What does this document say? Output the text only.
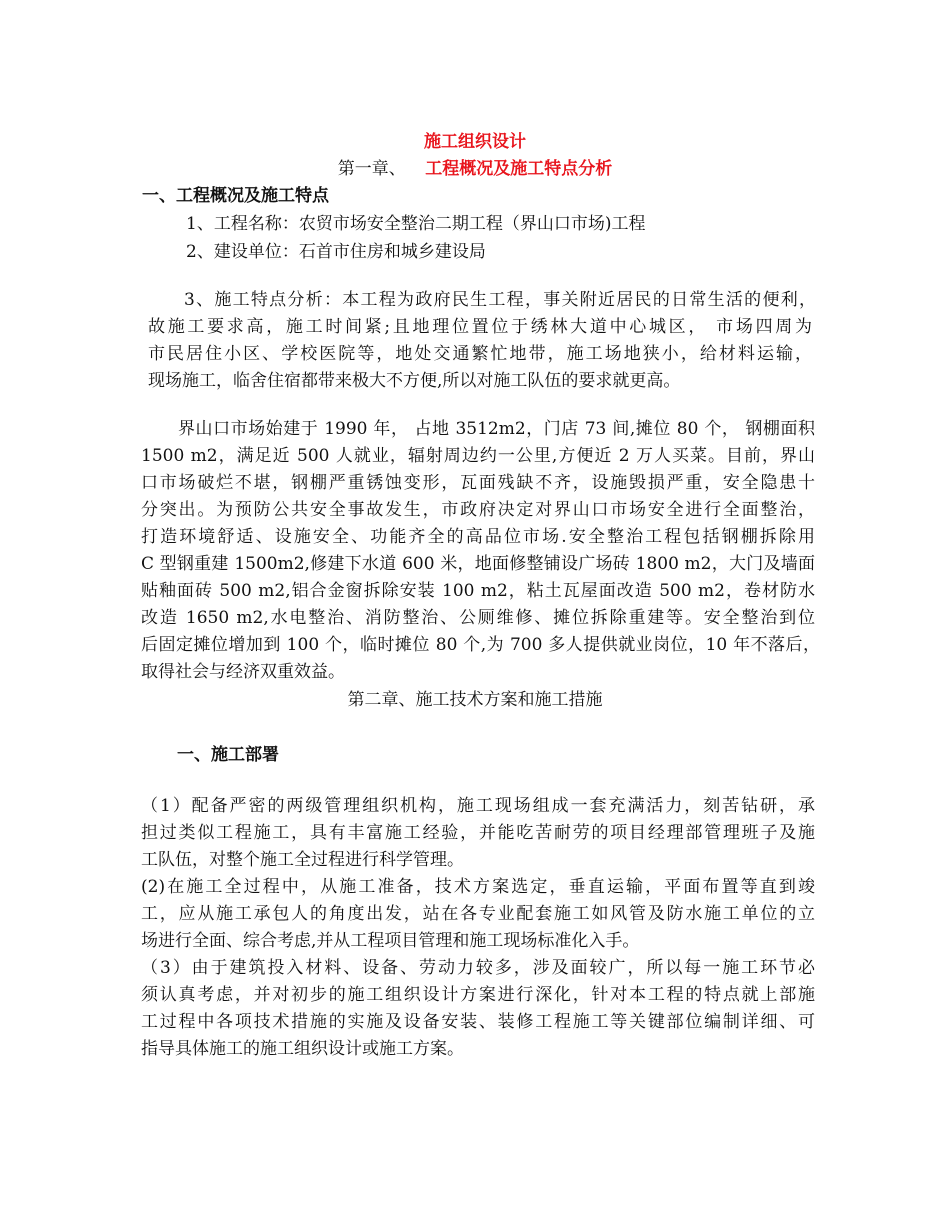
施工组织设计
第一章、 工程概况及施工特点分析
一、工程概况及施工特点
1、工程名称：农贸市场安全整治二期工程（界山口市场)工程
2、建设单位：石首市住房和城乡建设局
3、施工特点分析：本工程为政府民生工程，事关附近居民的日常生活的便利，
故施工要求高，施工时间紧;且地理位置位于绣林大道中心城区， 市场四周为
市民居住小区、学校医院等，地处交通繁忙地带，施工场地狭小，给材料运输，
现场施工，临舍住宿都带来极大不方便,所以对施工队伍的要求就更高。
界山口市场始建于 1990 年， 占地 3512m2，门店 73 间,摊位 80 个， 钢棚面积
1500 m2，满足近 500 人就业，辐射周边约一公里,方便近 2 万人买菜。目前，界山
口市场破烂不堪，钢棚严重锈蚀变形，瓦面残缺不齐，设施毁损严重，安全隐患十
分突出。为预防公共安全事故发生，市政府决定对界山口市场安全进行全面整治，
打造环境舒适、设施安全、功能齐全的高品位市场.安全整治工程包括钢棚拆除用
C 型钢重建 1500m2,修建下水道 600 米，地面修整铺设广场砖 1800 m2，大门及墙面
贴釉面砖 500 m2,铝合金窗拆除安装 100 m2，粘土瓦屋面改造 500 m2，卷材防水
改造 1650 m2,水电整治、消防整治、公厕维修、摊位拆除重建等。安全整治到位
后固定摊位增加到 100 个，临时摊位 80 个,为 700 多人提供就业岗位，10 年不落后，
取得社会与经济双重效益。
第二章、施工技术方案和施工措施
一、施工部署
（1）配备严密的两级管理组织机构，施工现场组成一套充满活力，刻苦钻研，承
担过类似工程施工，具有丰富施工经验，并能吃苦耐劳的项目经理部管理班子及施
工队伍，对整个施工全过程进行科学管理。
(2)在施工全过程中，从施工准备，技术方案选定，垂直运输，平面布置等直到竣
工，应从施工承包人的角度出发，站在各专业配套施工如风管及防水施工单位的立
场进行全面、综合考虑,并从工程项目管理和施工现场标准化入手。
（3）由于建筑投入材料、设备、劳动力较多，涉及面较广，所以每一施工环节必
须认真考虑，并对初步的施工组织设计方案进行深化，针对本工程的特点就上部施
工过程中各项技术措施的实施及设备安装、装修工程施工等关键部位编制详细、可
指导具体施工的施工组织设计或施工方案。
